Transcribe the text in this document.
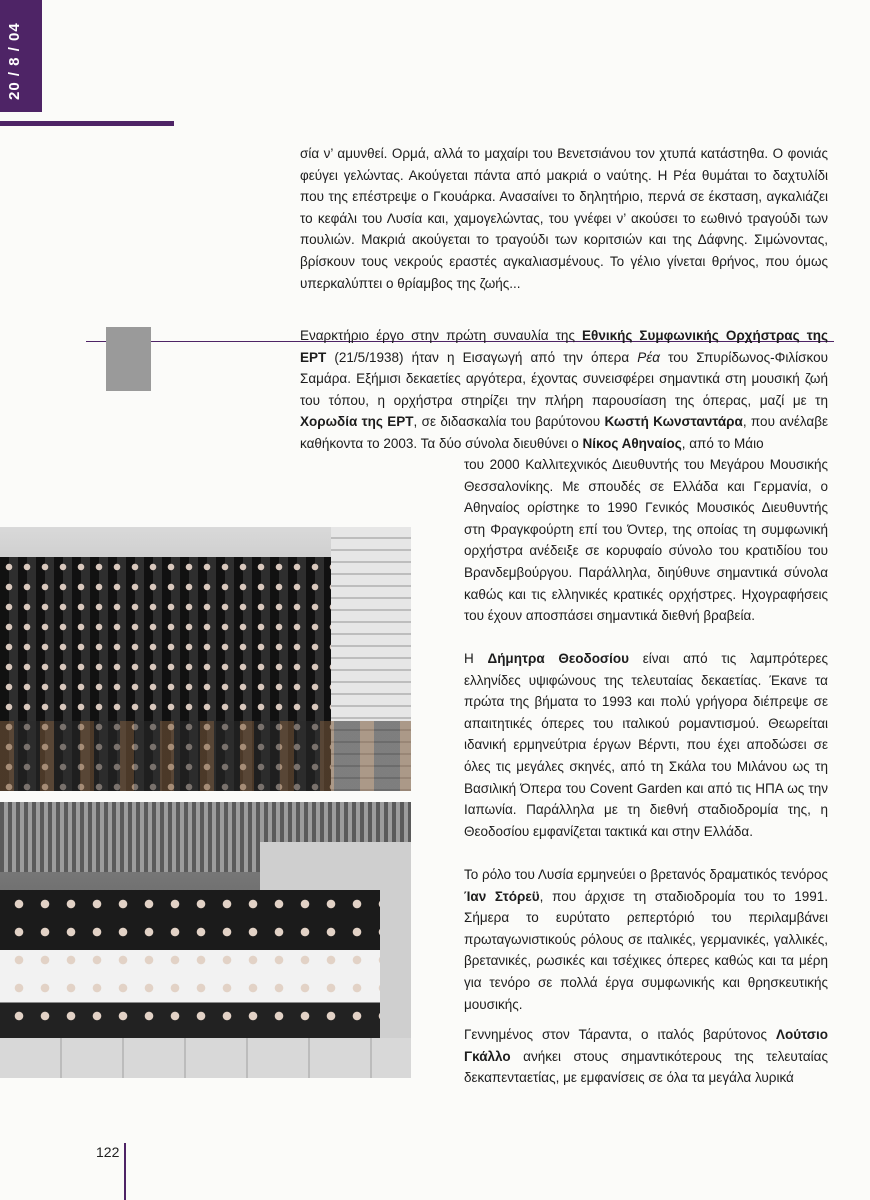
20 / 8 / 04

σία ν’ αμυνθεί. Ορμά, αλλά το μαχαίρι του Βενετσιάνου τον χτυπά κατάστηθα. Ο φονιάς φεύγει γελώντας. Ακούγεται πάντα από μακριά ο ναύτης. Η Ρέα θυμάται το δαχτυλίδι που της επέστρεψε ο Γκουάρκα. Ανασαίνει το δηλητήριο, περνά σε έκσταση, αγκαλιάζει το κεφάλι του Λυσία και, χαμογελώντας, του γνέφει ν’ ακούσει το εωθινό τραγούδι των πουλιών. Μακριά ακούγεται το τραγούδι των κοριτσιών και της Δάφνης. Σιμώνοντας, βρίσκουν τους νεκρούς εραστές αγκαλιασμένους. Το γέλιο γίνεται θρήνος, που όμως υπερκαλύπτει ο θρίαμβος της ζωής...

Εναρκτήριο έργο στην πρώτη συναυλία της Εθνικής Συμφωνικής Ορχήστρας της ΕΡΤ (21/5/1938) ήταν η Εισαγωγή από την όπερα Ρέα του Σπυρίδωνος-Φιλίσκου Σαμάρα. Εξήμισι δεκαετίες αργότερα, έχοντας συνεισφέρει σημαντικά στη μουσική ζωή του τόπου, η ορχήστρα στηρίζει την πλήρη παρουσίαση της όπερας, μαζί με τη Χορωδία της ΕΡΤ, σε διδασκαλία του βαρύτονου Κωστή Κωνσταντάρα, που ανέλαβε καθήκοντα το 2003. Τα δύο σύνολα διευθύνει ο Νίκος Αθηναίος, από το Μάιο

του 2000 Καλλιτεχνικός Διευθυντής του Μεγάρου Μουσικής Θεσσαλονίκης. Με σπουδές σε Ελλάδα και Γερμανία, ο Αθηναίος ορίστηκε το 1990 Γενικός Μουσικός Διευθυντής στη Φραγκφούρτη επί του Όντερ, της οποίας τη συμφωνική ορχήστρα ανέδειξε σε κορυφαίο σύνολο του κρατιδίου του Βρανδεμβούργου. Παράλληλα, διηύθυνε σημαντικά σύνολα καθώς και τις ελληνικές κρατικές ορχήστρες. Ηχογραφήσεις του έχουν αποσπάσει σημαντικά διεθνή βραβεία.

Η Δήμητρα Θεοδοσίου είναι από τις λαμπρότερες ελληνίδες υψιφώνους της τελευταίας δεκαετίας. Έκανε τα πρώτα της βήματα το 1993 και πολύ γρήγορα διέπρεψε σε απαιτητικές όπερες του ιταλικού ρομαντισμού. Θεωρείται ιδανική ερμηνεύτρια έργων Βέρντι, που έχει αποδώσει σε όλες τις μεγάλες σκηνές, από τη Σκάλα του Μιλάνου ως τη Βασιλική Όπερα του Covent Garden και από τις ΗΠΑ ως την Ιαπωνία. Παράλληλα με τη διεθνή σταδιοδρομία της, η Θεοδοσίου εμφανίζεται τακτικά και στην Ελλάδα.

Το ρόλο του Λυσία ερμηνεύει ο βρετανός δραματικός τενόρος Ίαν Στόρεϋ, που άρχισε τη σταδιοδρομία του το 1991. Σήμερα το ευρύτατο ρεπερτόριό του περιλαμβάνει πρωταγωνιστικούς ρόλους σε ιταλικές, γερμανικές, γαλλικές, βρετανικές, ρωσικές και τσέχικες όπερες καθώς και τα μέρη για τενόρο σε πολλά έργα συμφωνικής και θρησκευτικής μουσικής.

Γεννημένος στον Τάραντα, ο ιταλός βαρύτονος Λούτσιο Γκάλλο ανήκει στους σημαντικότερους της τελευταίας δεκαπενταετίας, με εμφανίσεις σε όλα τα μεγάλα λυρικά

122
